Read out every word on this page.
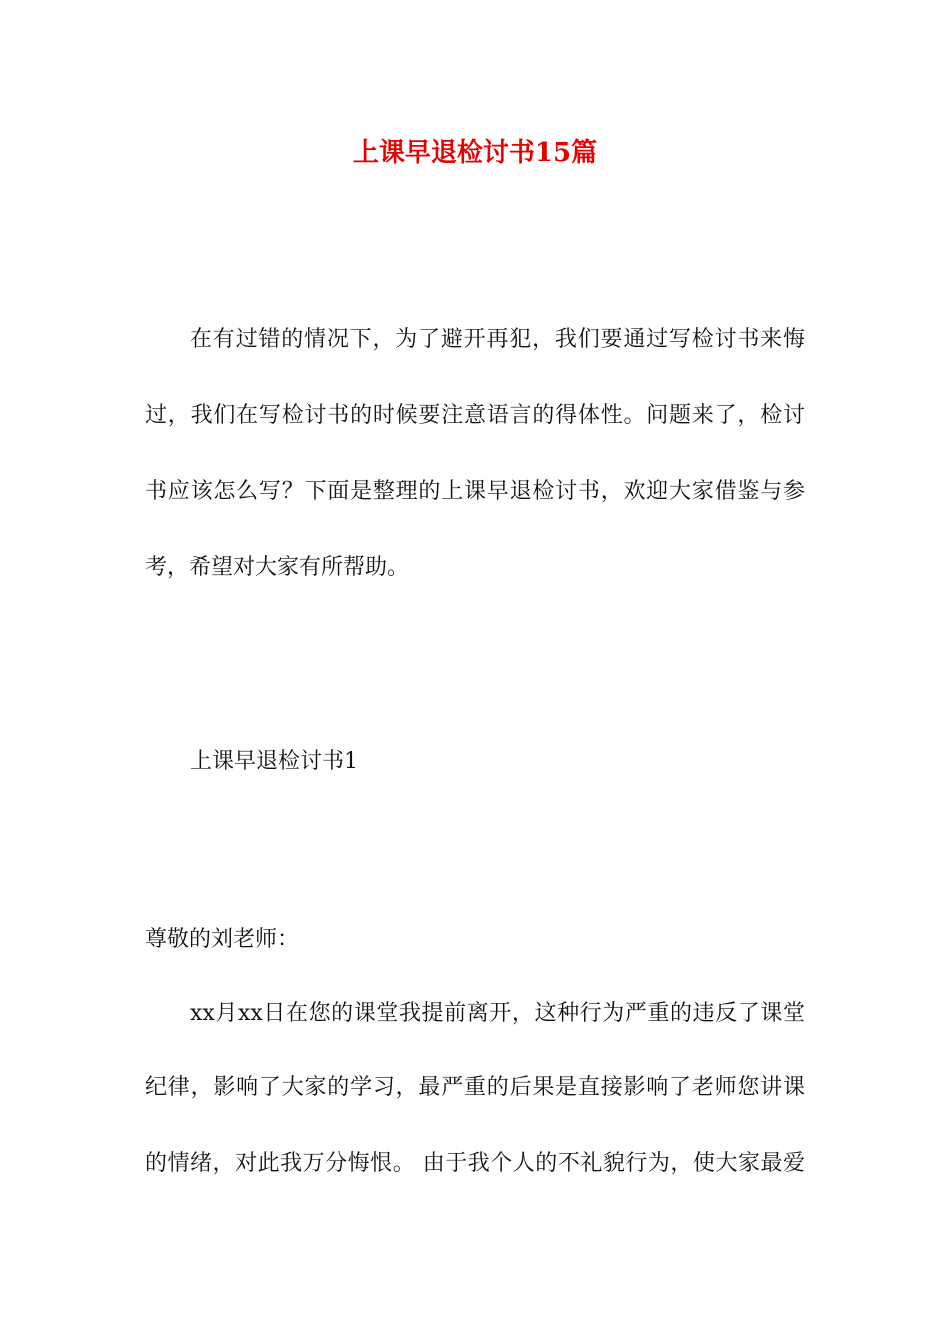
上课早退检讨书15篇
在有过错的情况下，为了避开再犯，我们要通过写检讨书来悔
过，我们在写检讨书的时候要注意语言的得体性。问题来了，检讨
书应该怎么写？下面是整理的上课早退检讨书，欢迎大家借鉴与参
考，希望对大家有所帮助。
上课早退检讨书1
尊敬的刘老师：
xx月xx日在您的课堂我提前离开，这种行为严重的违反了课堂
纪律，影响了大家的学习，最严重的后果是直接影响了老师您讲课
的情绪，对此我万分悔恨。 由于我个人的不礼貌行为，使大家最爱
